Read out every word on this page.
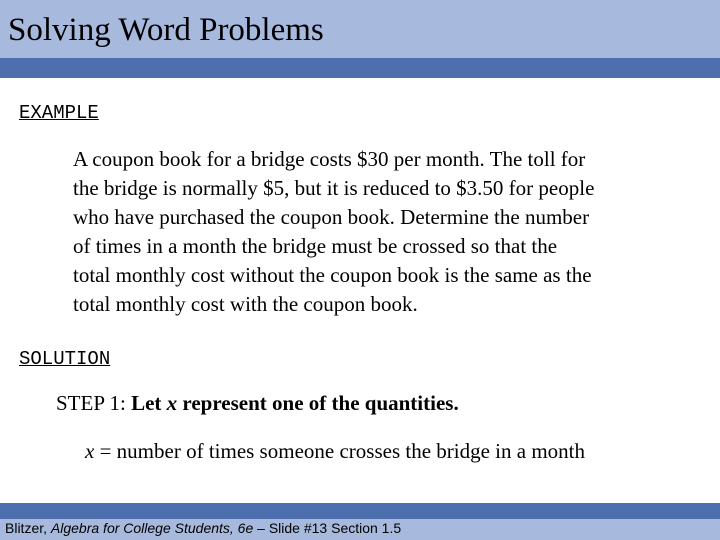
Solving Word Problems
EXAMPLE
A coupon book for a bridge costs $30 per month. The toll for
the bridge is normally $5, but it is reduced to $3.50 for people
who have purchased the coupon book. Determine the number
of times in a month the bridge must be crossed so that the
total monthly cost without the coupon book is the same as the
total monthly cost with the coupon book.
SOLUTION
STEP 1: Let x represent one of the quantities.
x = number of times someone crosses the bridge in a month
Blitzer, Algebra for College Students, 6e – Slide #13 Section 1.5
